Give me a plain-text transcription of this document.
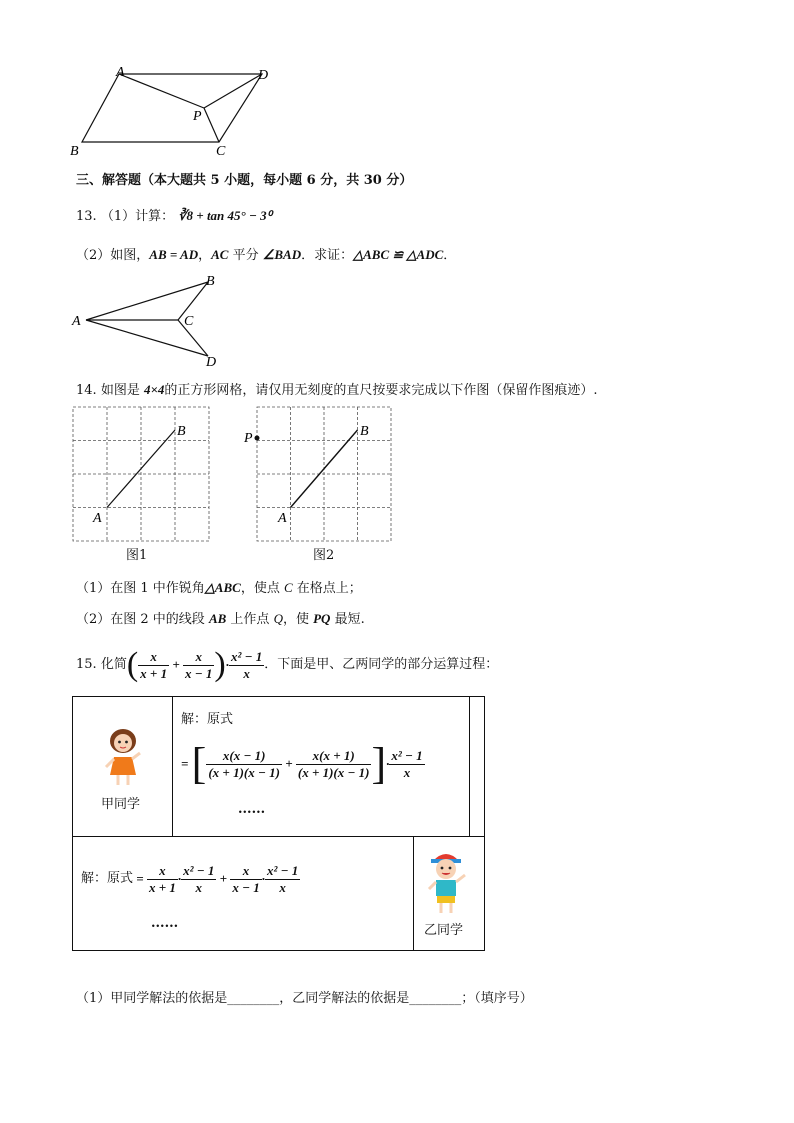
A	D
P
B	C
三、解答题（本大题共 5 小题，每小题 6 分，共 30 分）
13. （1）计算： ∛8 + tan 45° − 3⁰
（2）如图，AB = AD，AC 平分 ∠BAD．求证：△ABC ≌ △ADC．
A
B
C
D
14. 如图是 4×4的正方形网格，请仅用无刻度的直尺按要求完成以下作图（保留作图痕迹）.
A
B
图1
P
A
B
图2
（1）在图 1 中作锐角△ABC，使点 C 在格点上；
（2）在图 2 中的线段 AB 上作点 Q，使 PQ 最短.
15.
化简 ( $\frac{x}{x + 1} + \frac{x}{x - 1}$ ) · $\frac{\text{x² − 1}}{x}$ ．下面是甲、乙两同学的部分运算过程：
甲同学
解：原式
= [ $\frac{x(x - 1)}{(x + 1)(x - 1)} + \frac{x(x + 1)}{(x + 1)(x - 1)}$ ] · $\frac{\text{x² − 1}}{x}$
......
解：原式 = $\frac{x}{x + 1} \cdot \frac{\text{x² − 1}}{x} + \frac{x}{x - 1} \cdot \frac{\text{x² − 1}}{x}$
......	乙同学
（1）甲同学解法的依据是________，乙同学解法的依据是________；（填序号）
